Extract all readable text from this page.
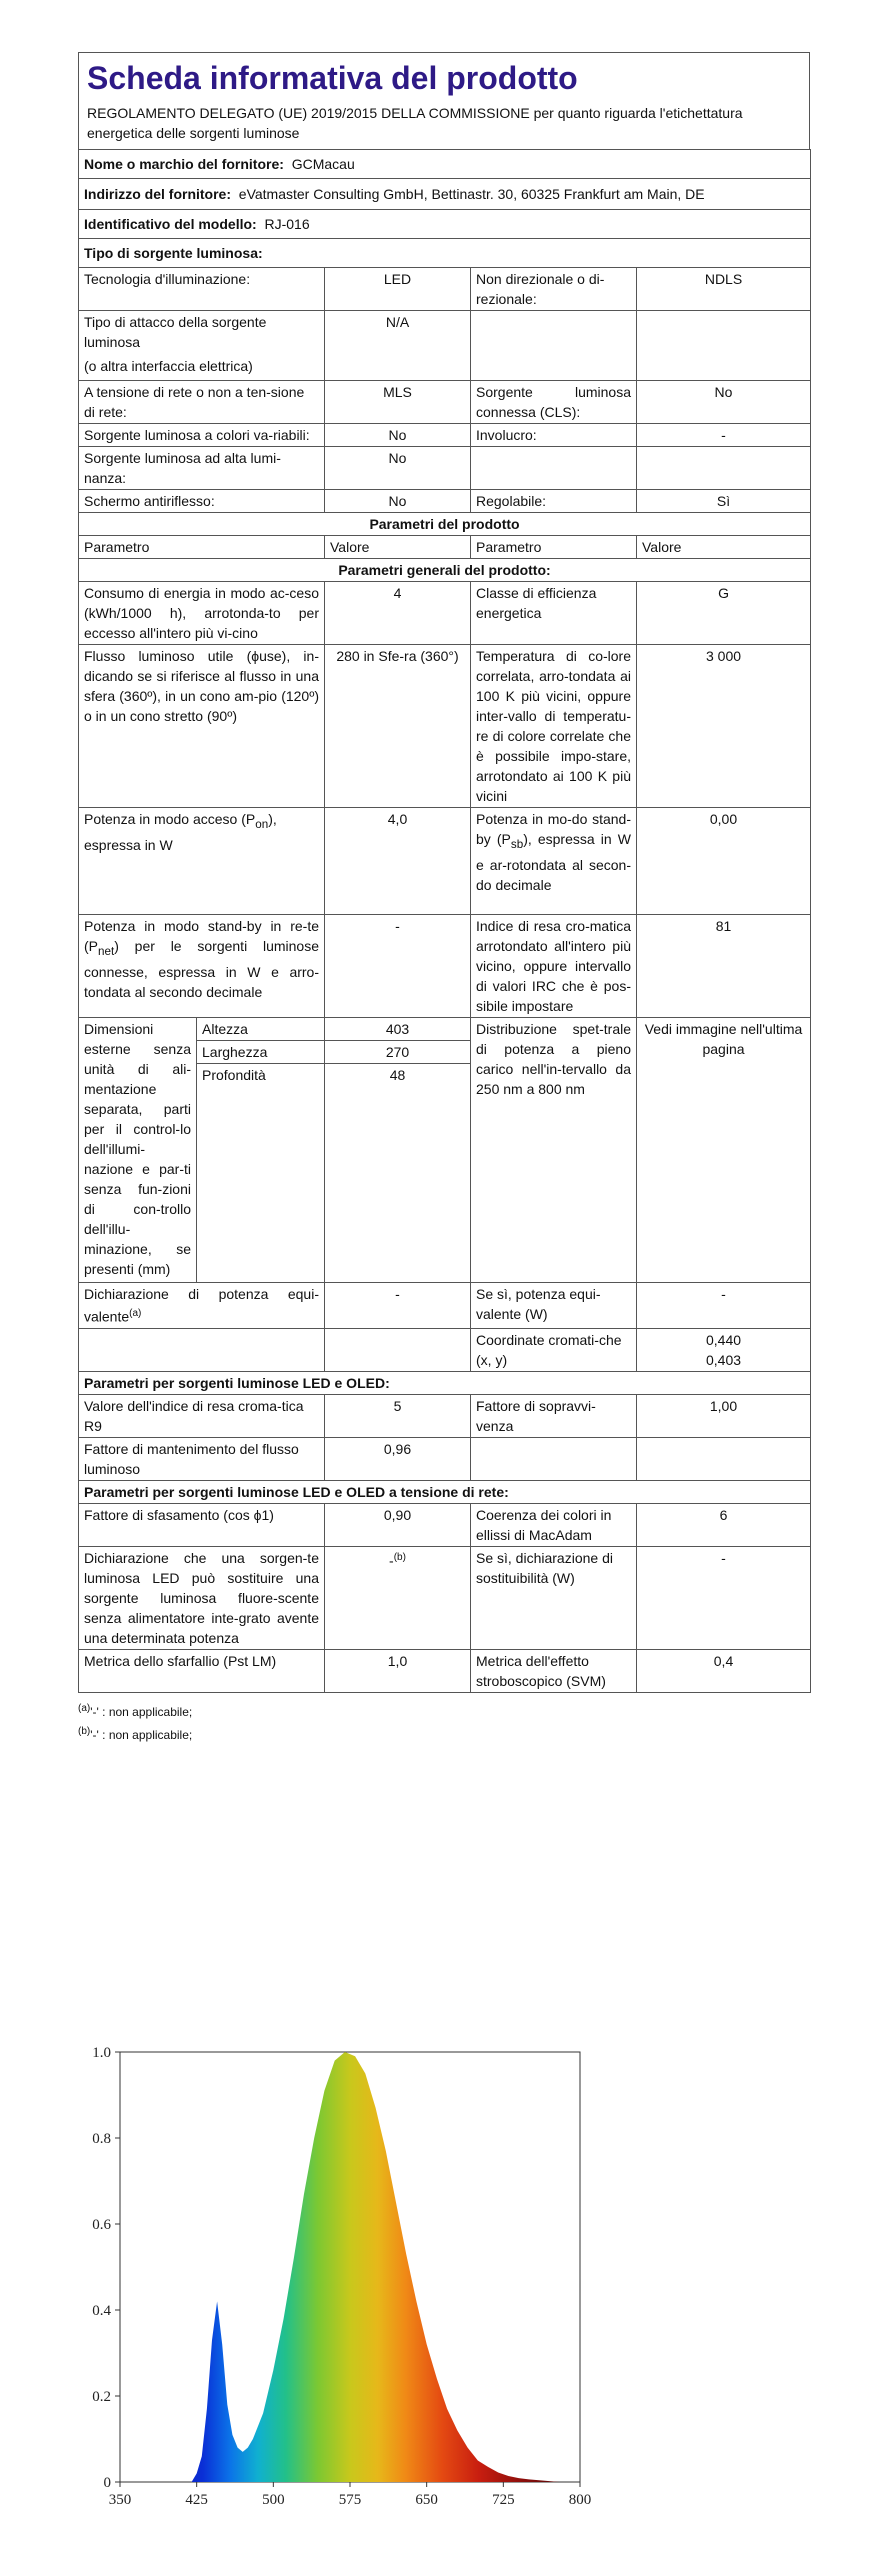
Scheda informativa del prodotto
REGOLAMENTO DELEGATO (UE) 2019/2015 DELLA COMMISSIONE per quanto riguarda l'etichettatura energetica delle sorgenti luminose
Nome o marchio del fornitore: GCMacau				
Indirizzo del fornitore: eVatmaster Consulting GmbH, Bettinastr. 30, 60325 Frankfurt am Main, DE				
Identificativo del modello: RJ-016				
Tipo di sorgente luminosa:				
Tecnologia d'illuminazione:		LED	Non direzionale o di-rezionale:	NDLS

Tipo di attacco della sorgente luminosa
(o altra interfaccia elettrica)		N/A		
A tensione di rete o non a ten-sione di rete:		MLS	Sorgente luminosa connessa (CLS):	No
Sorgente luminosa a colori va-riabili:		No	Involucro:	-
Sorgente luminosa ad alta lumi-nanza:		No		
Schermo antiriflesso:		No	Regolabile:	Sì
Parametri del prodotto				
Parametro		Valore	Parametro	Valore
Parametri generali del prodotto:				
Consumo di energia in modo ac-ceso (kWh/1000 h), arrotonda-to per eccesso all'intero più vi-cino		4	Classe di efficienza energetica	G
Flusso luminoso utile (ϕuse), in-dicando se si riferisce al flusso in una sfera (360º), in un cono am-pio (120º) o in un cono stretto (90º)		280 in Sfe-ra (360°)	Temperatura di co-lore correlata, arro-tondata ai 100 K più vicini, oppure inter-vallo di temperatu-re di colore correlate che è possibile impo-stare, arrotondato ai 100 K più vicini	3 000
Potenza in modo acceso $(P_{on})$, espressa in W		4,0	Potenza in mo-do stand-by $(P_{sb})$, espressa in W e ar-rotondata al secon-do decimale	0,00
Potenza in modo stand-by in re-te $(P_{net})$ per le sorgenti luminose connesse, espressa in W e arro-tondata al secondo decimale		-	Indice di resa cro-matica arrotondato all'intero più vicino, oppure intervallo di valori IRC che è pos-sibile impostare	81
Dimensioni esterne senza unità di ali-mentazione separata, parti per il control-lo dell'illumi-nazione e par-ti senza fun-zioni di con-trollo dell'illu-minazione, se presenti (mm)	Altezza	403	Distribuzione spet-trale di potenza a pieno carico nell'in-tervallo da 250 nm a 800 nm	Vedi immagine nell'ultima pagina
	Larghezza	270		
	Profondità	48		
Dichiarazione di potenza equi-valente$^{(a)}$		-	Se sì, potenza equi-valente (W)	-
			Coordinate cromati-che (x, y)	0,440
0,403

Parametri per sorgenti luminose LED e OLED:				
Valore dell'indice di resa croma-tica R9		5	Fattore di sopravvi-venza	1,00
Fattore di mantenimento del flusso luminoso		0,96		
Parametri per sorgenti luminose LED e OLED a tensione di rete:				
Fattore di sfasamento (cos ϕ1)		0,90	Coerenza dei colori in ellissi di MacAdam	6
Dichiarazione che una sorgen-te luminosa LED può sostituire una sorgente luminosa fluore-scente senza alimentatore inte-grato avente una determinata potenza		-$^{(b)}$	Se sì, dichiarazione di sostituibilità (W)	-
Metrica dello sfarfallio (Pst LM)		1,0	Metrica dell'effetto stroboscopico (SVM)	0,4
$^{(a)}$'-' : non applicabile;
$^{(b)}$'-' : non applicabile;
350	425	500	575	650	725	800
0
0.2
0.4
0.6
0.8
1.0
